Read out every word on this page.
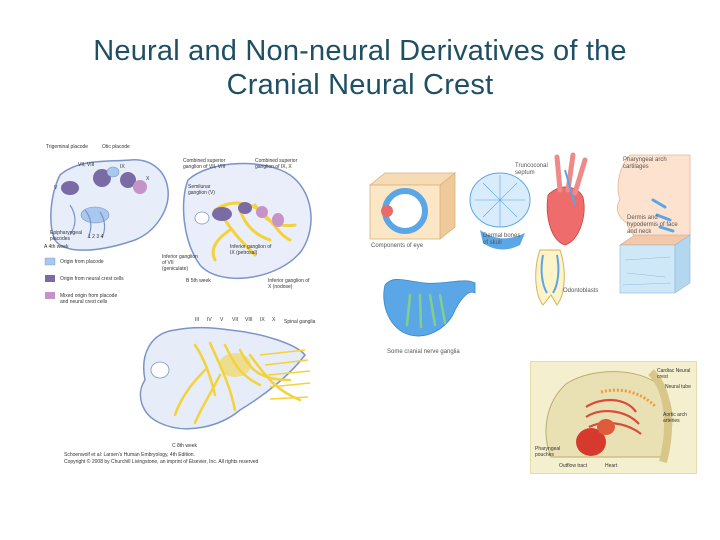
Neural and Non-neural Derivatives of the
Cranial Neural Crest
Trigeminal placode	Otic placode
VII, VIII	IX
X
V
1 2 3 4
Epipharyngeal placodes
A 4th week
Combined superior ganglion of VII, VIII
Combined superior ganglion of IX, X
Semilunar ganglion (V)
Inferior ganglion of VII (geniculate)
Inferior ganglion of IX (petrosal)
Inferior ganglion of X (nodose)
B 5th week
Origin from placode
Origin from neural crest cells
Mixed origin from placode and neural crest cells
III IV V VII VIII IX X Spinal ganglia
C 8th week
Schoenwolf et al: Larsen's Human Embryology, 4th Edition.
Copyright © 2008 by Churchill Livingstone, an imprint of Elsevier, Inc. All rights reserved
Truncoconal septum
Pharyngeal arch cartilages
Components of eye
Dermal bones of skull
Dermis and hypodermis of face and neck
Odontoblasts
Some cranial nerve ganglia
Cardiac Neural crest
Neural tube
Aortic arch arteries
Pharyngeal pouches
Outflow tract	Heart
